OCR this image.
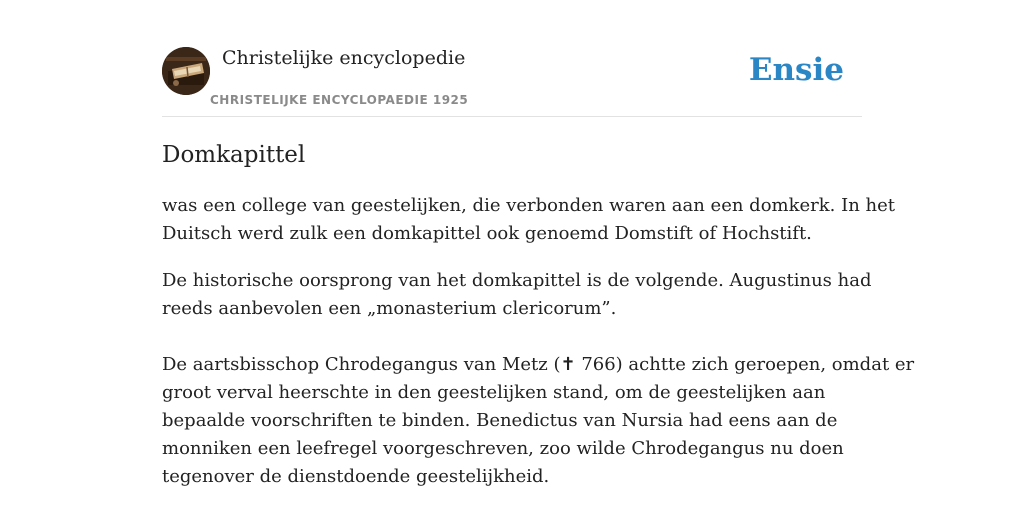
Christelijke encyclopedie
CHRISTELIJKE ENCYCLOPAEDIE 1925
Ensie
Domkapittel

was een college van geestelijken, die verbonden waren aan een domkerk. In het
Duitsch werd zulk een domkapittel ook genoemd Domstift of Hochstift.

De historische oorsprong van het domkapittel is de volgende. Augustinus had
reeds aanbevolen een „monasterium clericorum”.

De aartsbisschop Chrodegangus van Metz (✝ 766) achtte zich geroepen, omdat er
groot verval heerschte in den geestelijken stand, om de geestelijken aan
bepaalde voorschriften te binden. Benedictus van Nursia had eens aan de
monniken een leefregel voorgeschreven, zoo wilde Chrodegangus nu doen
tegenover de dienstdoende geestelijkheid.
